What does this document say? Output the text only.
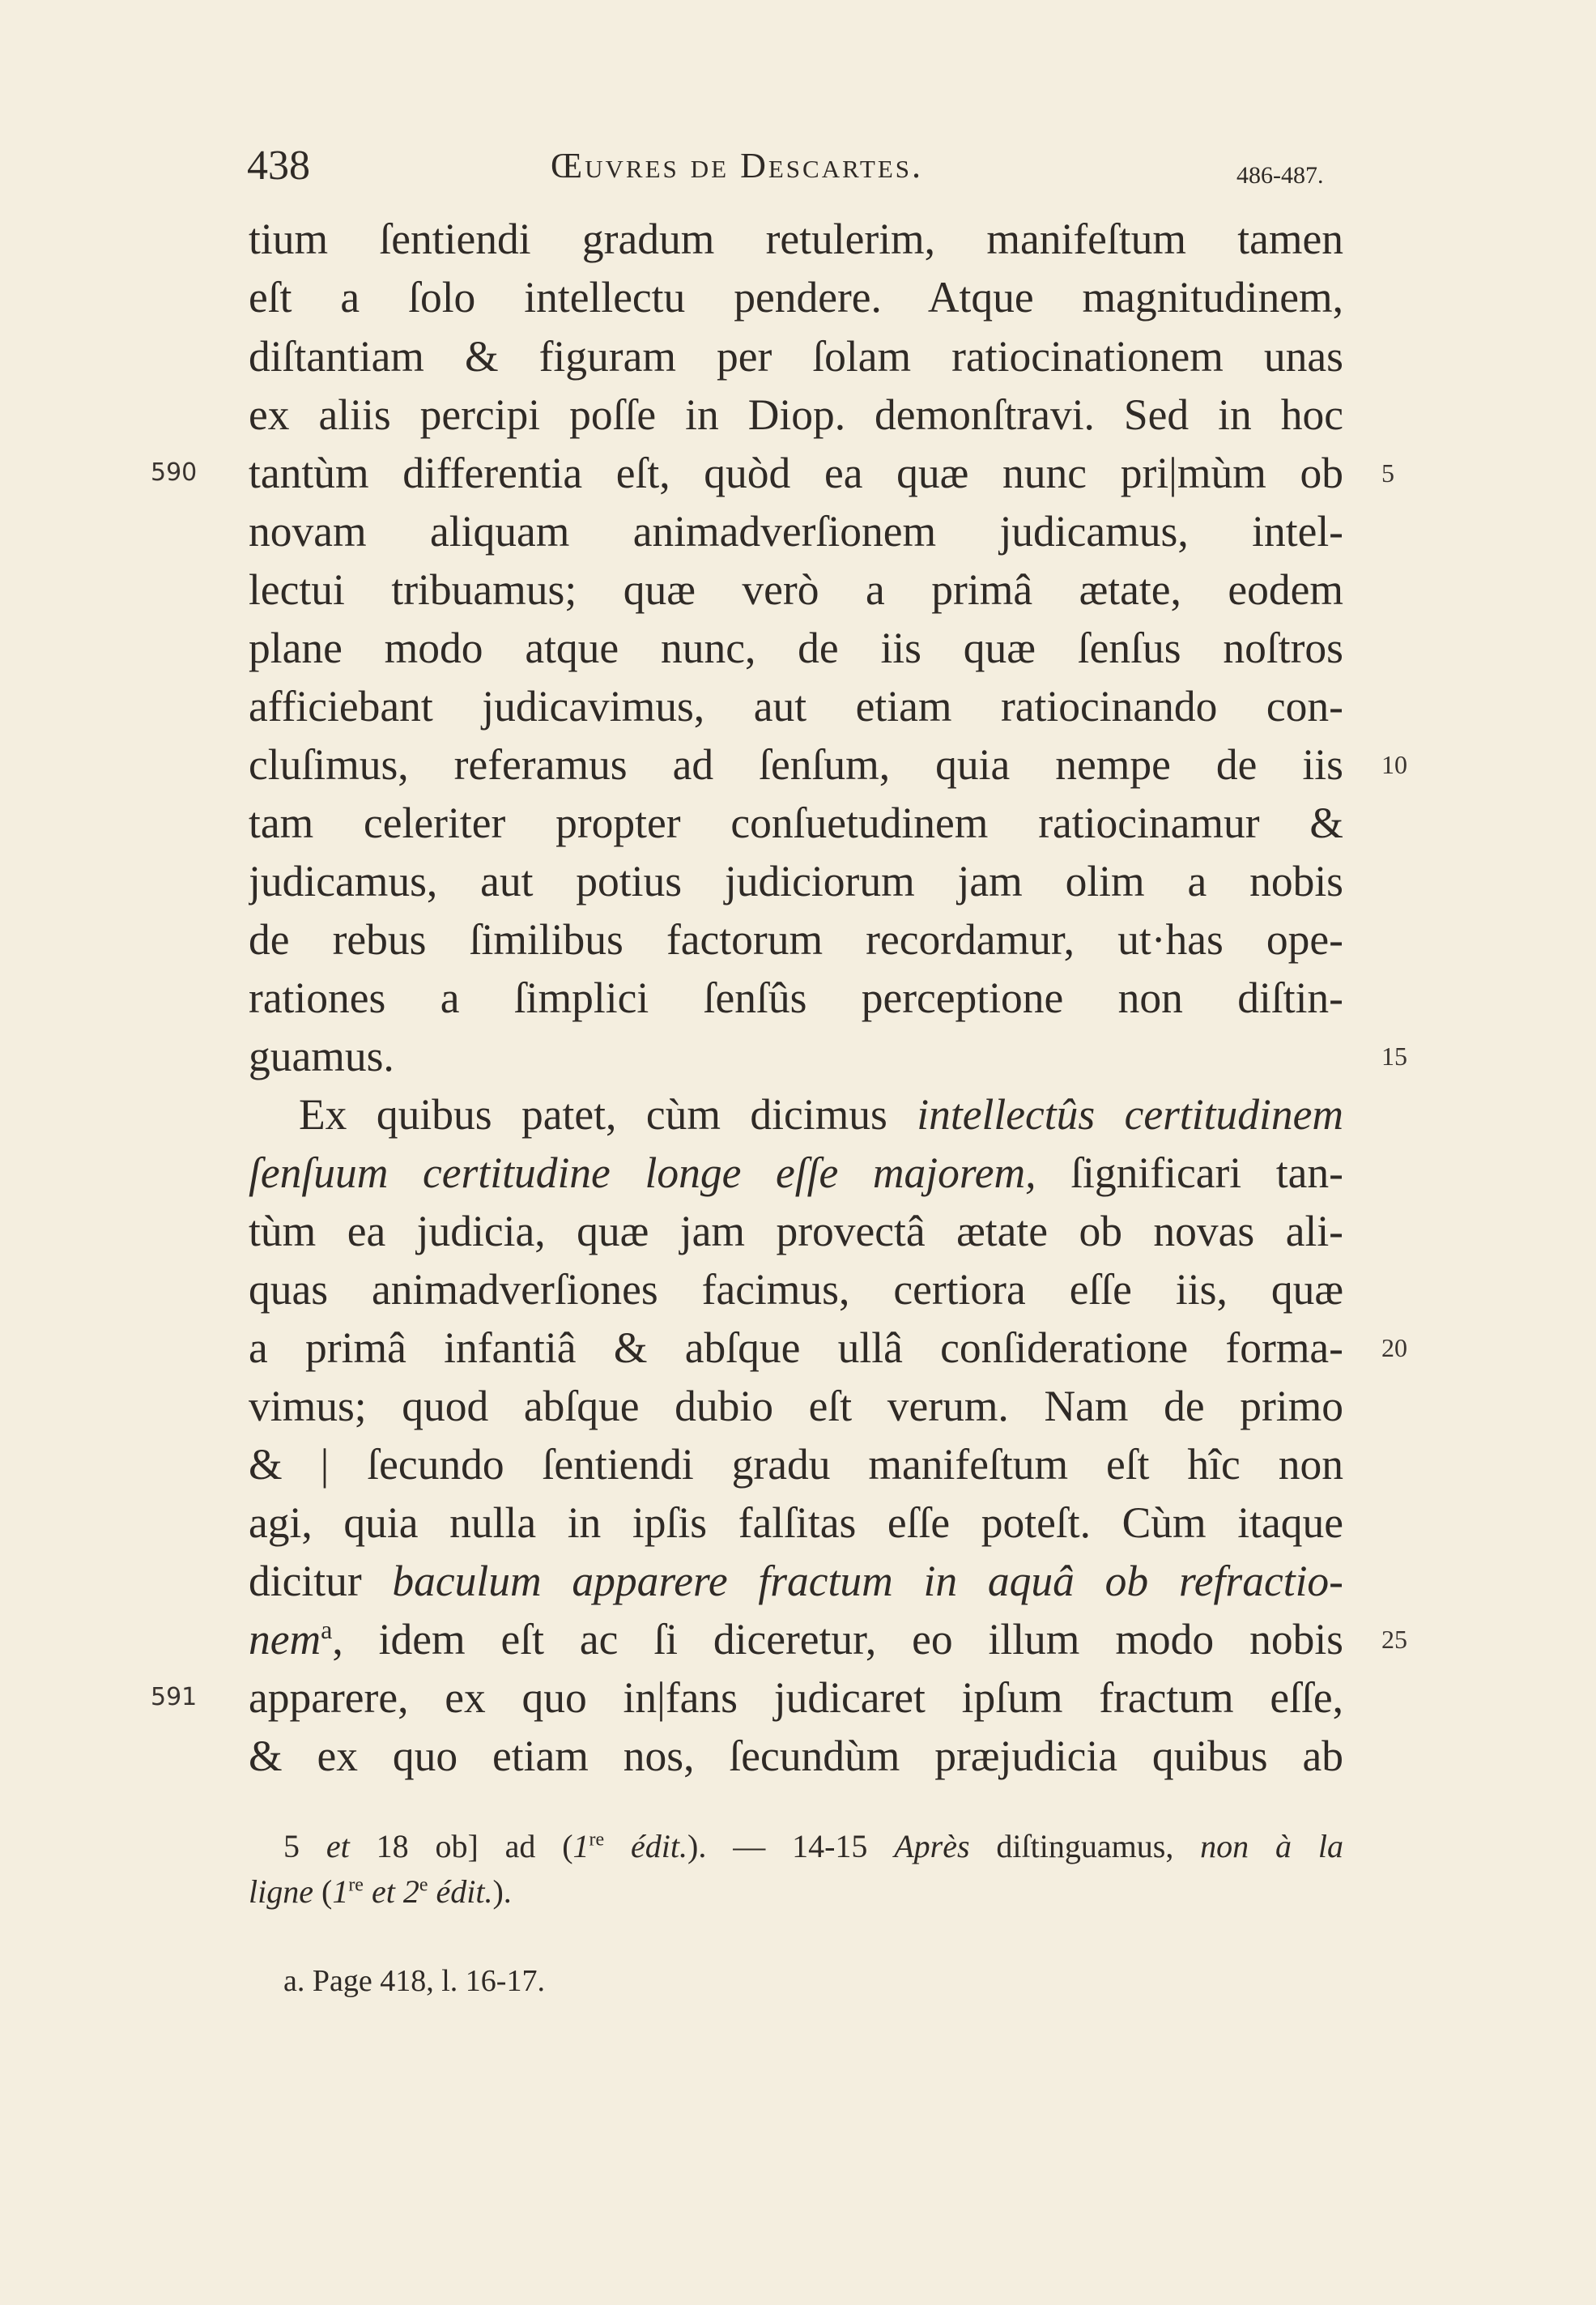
438	Œuvres de Descartes.	486-487.
tium ſentiendi gradum retulerim, manifeſtum tamen
eſt a ſolo intellectu pendere. Atque magnitudinem,
diſtantiam & figuram per ſolam ratiocinationem unas
ex aliis percipi poſſe in Diop. demonſtravi. Sed in hoc
tantùm differentia eſt, quòd ea quæ nunc pri|mùm ob
novam aliquam animadverſionem judicamus, intel-
lectui tribuamus; quæ verò a primâ ætate, eodem
plane modo atque nunc, de iis quæ ſenſus noſtros
afficiebant judicavimus, aut etiam ratiocinando con-
cluſimus, referamus ad ſenſum, quia nempe de iis
tam celeriter propter conſuetudinem ratiocinamur &
judicamus, aut potius judiciorum jam olim a nobis
de rebus ſimilibus factorum recordamur, ut·has ope-
rationes a ſimplici ſenſûs perceptione non diſtin-
guamus.
Ex quibus patet, cùm dicimus intellectûs certitudinem
ſenſuum certitudine longe eſſe majorem, ſignificari tan-
tùm ea judicia, quæ jam provectâ ætate ob novas ali-
quas animadverſiones facimus, certiora eſſe iis, quæ
a primâ infantiâ & abſque ullâ conſideratione forma-
vimus; quod abſque dubio eſt verum. Nam de primo
& | ſecundo ſentiendi gradu manifeſtum eſt hîc non
agi, quia nulla in ipſis falſitas eſſe poteſt. Cùm itaque
dicitur baculum apparere fractum in aquâ ob refractio-
nem$^a$, idem eſt ac ſi diceretur, eo illum modo nobis
apparere, ex quo in|fans judicaret ipſum fractum eſſe,
& ex quo etiam nos, ſecundùm præjudicia quibus ab
590
591
5
10
15
20
25
5 et 18 ob] ad (1re édit.). — 14-15 Après diſtinguamus, non à la
ligne (1re et 2e édit.).
a. Page 418, l. 16-17.
